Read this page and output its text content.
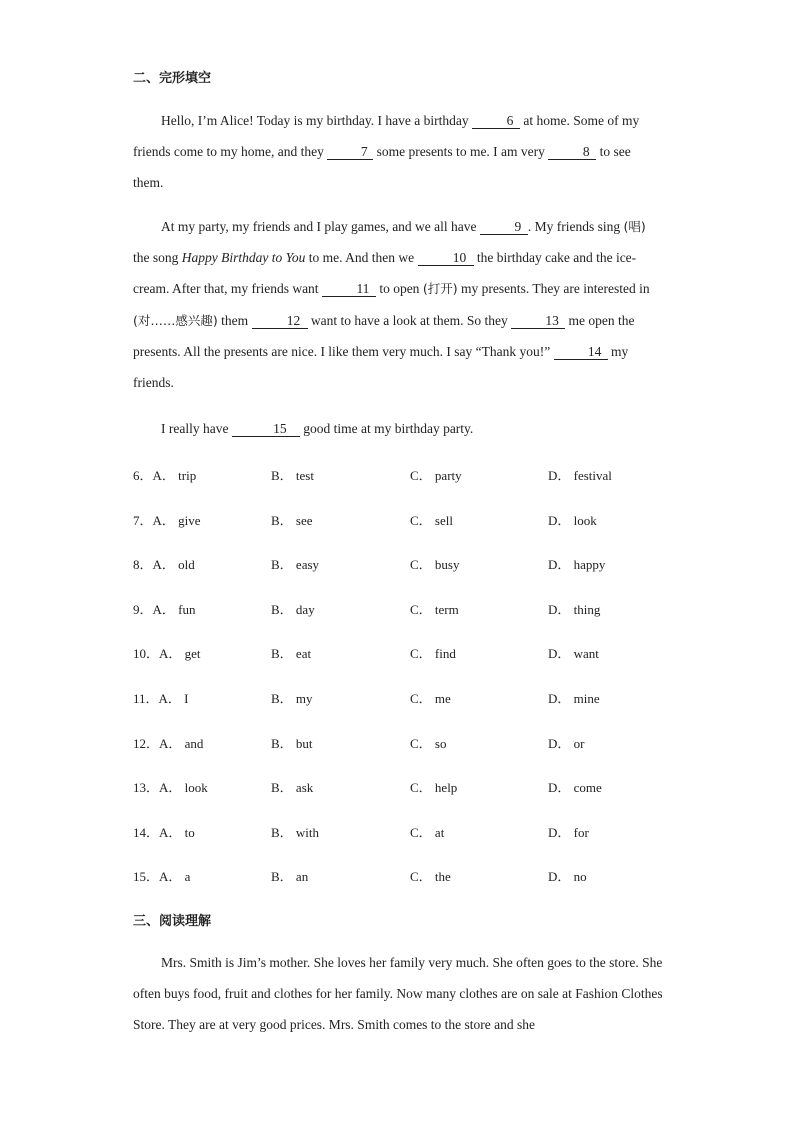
二、完形填空
Hello, I’m Alice! Today is my birthday. I have a birthday	6 at home. Some of my friends come to my home, and they 7 some presents to me. I am very	8 to see them.
At my party, my friends and I play games, and we all have	9 . My friends sing (唱) the song Happy Birthday to You to me. And then we	10 the birthday cake and the ice-cream. After that, my friends want	11 to open (打开) my presents. They are interested in (对……感兴趣) them	12 want to have a look at them. So they	13 me open the presents. All the presents are nice. I like them very much. I say “Thank you!”	14 my friends.
I really have	15 good time at my birthday party.
6．A． trip	B． test	C． party	D． festival
7．A． give	B． see	C． sell	D． look
8．A． old	B． easy	C． busy	D． happy
9．A． fun	B． day	C． term	D． thing
10．A． get	B． eat	C． find	D． want
11．A． I	B． my	C． me	D． mine
12．A． and	B． but	C． so	D． or
13．A． look	B． ask	C． help	D． come
14．A． to	B． with	C． at	D． for
15．A． a	B． an	C． the	D． no
三、阅读理解
Mrs. Smith is Jim’s mother. She loves her family very much. She often goes to the store. She often buys food, fruit and clothes for her family. Now many clothes are on sale at Fashion Clothes Store. They are at very good prices. Mrs. Smith comes to the store and she
